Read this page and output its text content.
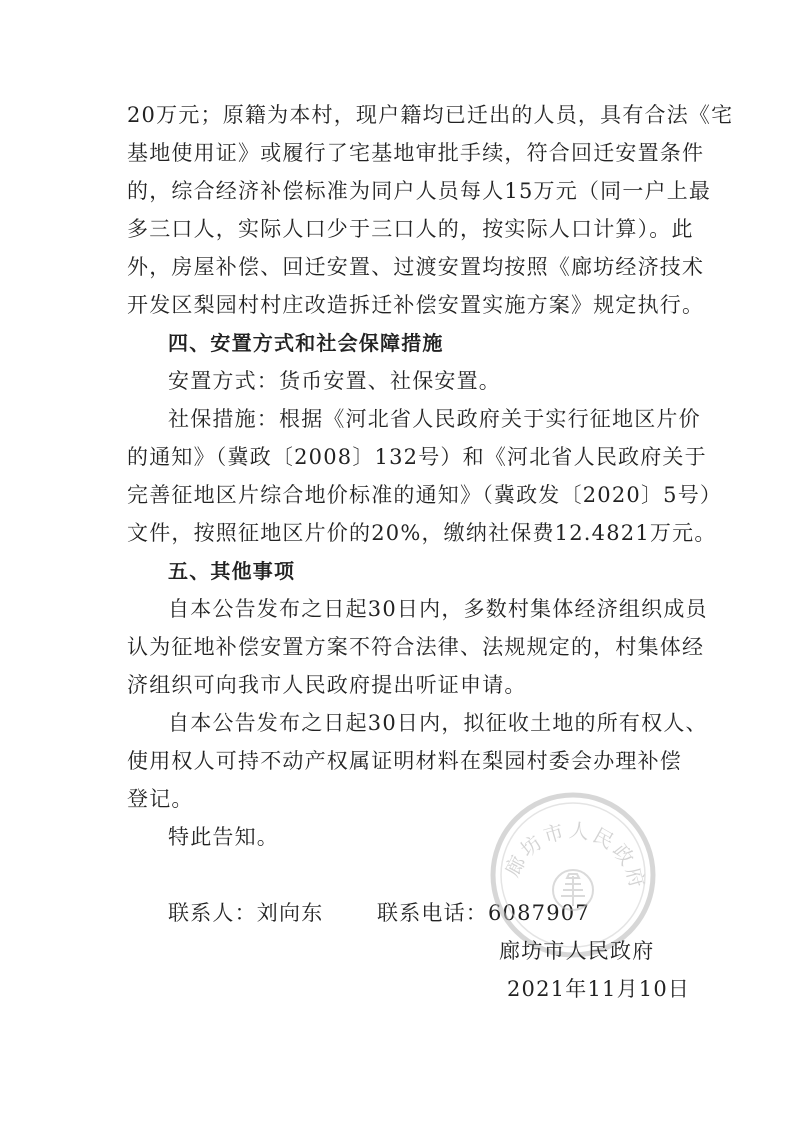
20万元；原籍为本村，现户籍均已迁出的人员，具有合法《宅
基地使用证》或履行了宅基地审批手续，符合回迁安置条件
的，综合经济补偿标准为同户人员每人15万元（同一户上最
多三口人，实际人口少于三口人的，按实际人口计算）。此
外，房屋补偿、回迁安置、过渡安置均按照《廊坊经济技术
开发区梨园村村庄改造拆迁补偿安置实施方案》规定执行。
四、安置方式和社会保障措施
安置方式：货币安置、社保安置。
社保措施：根据《河北省人民政府关于实行征地区片价
的通知》（冀政〔2008〕132号）和《河北省人民政府关于
完善征地区片综合地价标准的通知》（冀政发〔2020〕5号）
文件，按照征地区片价的20%，缴纳社保费12.4821万元。
五、其他事项
自本公告发布之日起30日内，多数村集体经济组织成员
认为征地补偿安置方案不符合法律、法规规定的，村集体经
济组织可向我市人民政府提出听证申请。
自本公告发布之日起30日内，拟征收土地的所有权人、
使用权人可持不动产权属证明材料在梨园村委会办理补偿
登记。
特此告知。
联系人：刘向东	联系电话：6087907
廊坊市人民政府
廊坊市人民政府
2021年11月10日
